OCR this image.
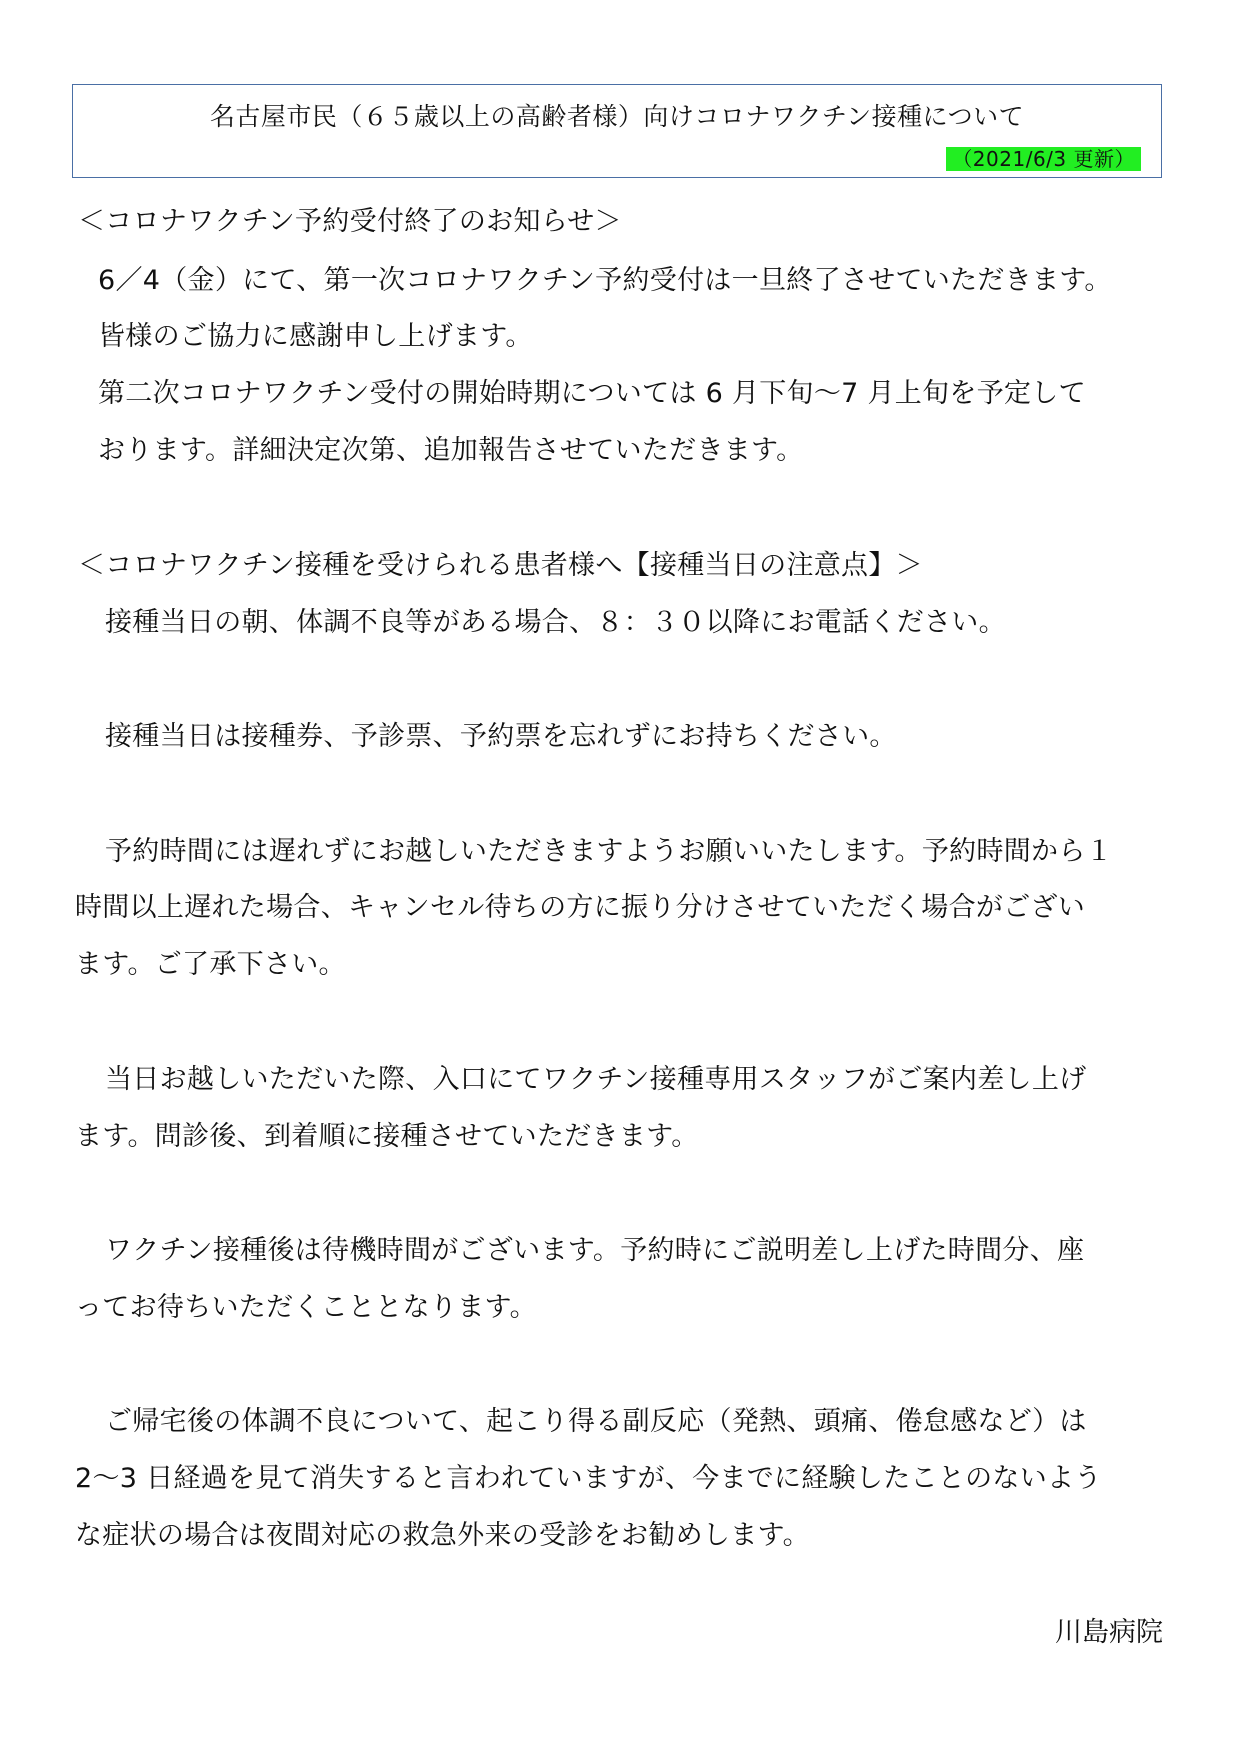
名古屋市民（６５歳以上の高齢者様）向けコロナワクチン接種について
（2021/6/3 更新）
＜コロナワクチン予約受付終了のお知らせ＞
6／4（金）にて、第一次コロナワクチン予約受付は一旦終了させていただきます。
皆様のご協力に感謝申し上げます。
第二次コロナワクチン受付の開始時期については 6 月下旬～7 月上旬を予定して
おります。詳細決定次第、追加報告させていただきます。
＜コロナワクチン接種を受けられる患者様へ【接種当日の注意点】＞
接種当日の朝、体調不良等がある場合、８：３０以降にお電話ください。
接種当日は接種券、予診票、予約票を忘れずにお持ちください。
予約時間には遅れずにお越しいただきますようお願いいたします。予約時間から１
時間以上遅れた場合、キャンセル待ちの方に振り分けさせていただく場合がござい
ます。ご了承下さい。
当日お越しいただいた際、入口にてワクチン接種専用スタッフがご案内差し上げ
ます。問診後、到着順に接種させていただきます。
ワクチン接種後は待機時間がございます。予約時にご説明差し上げた時間分、座
ってお待ちいただくこととなります。
ご帰宅後の体調不良について、起こり得る副反応（発熱、頭痛、倦怠感など）は
2～3 日経過を見て消失すると言われていますが、今までに経験したことのないよう
な症状の場合は夜間対応の救急外来の受診をお勧めします。
川島病院
